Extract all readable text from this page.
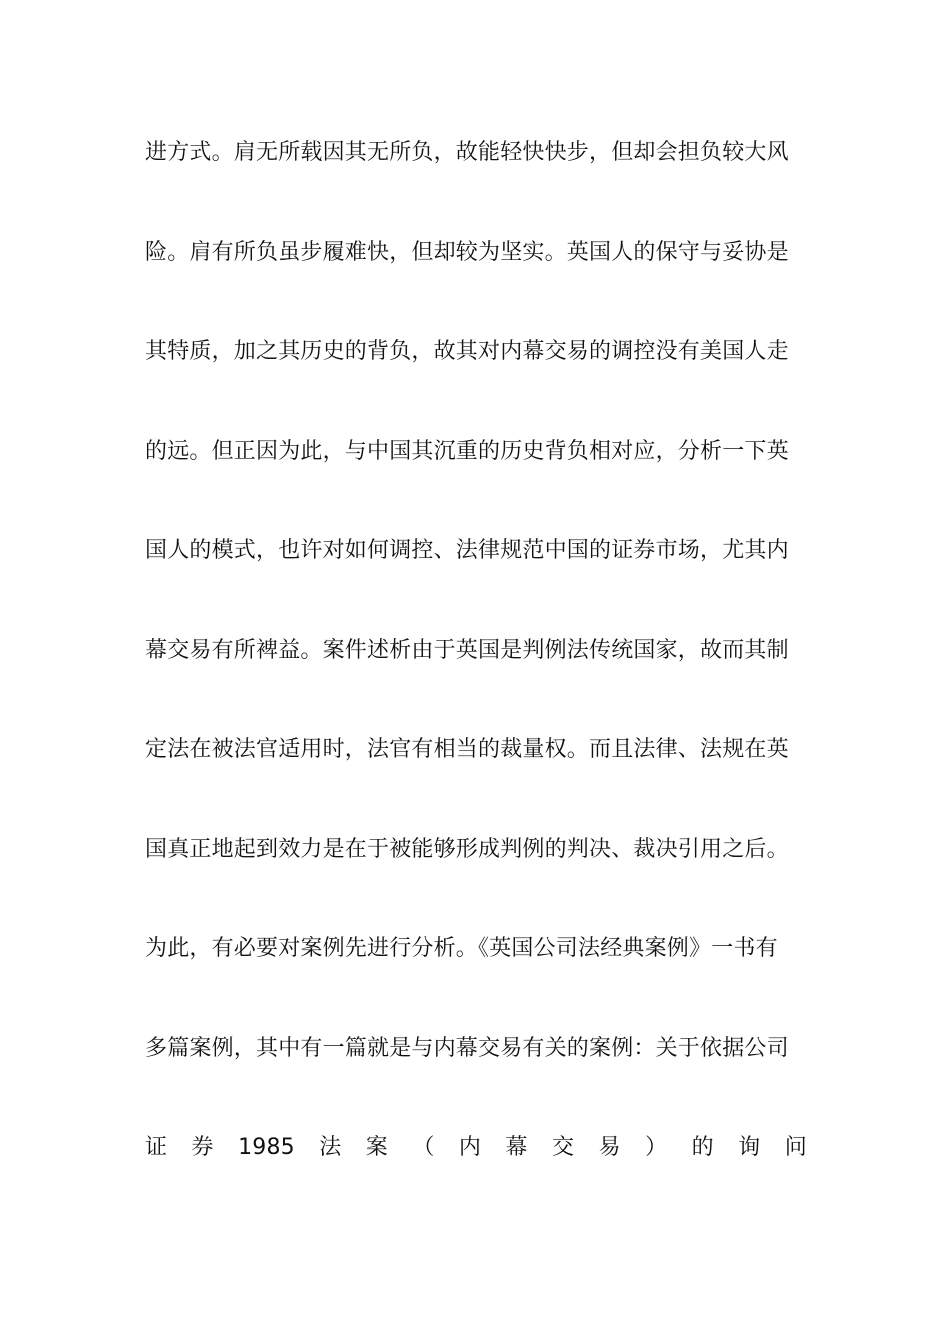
进方式。肩无所载因其无所负，故能轻快快步，但却会担负较大风
险。肩有所负虽步履难快，但却较为坚实。英国人的保守与妥协是
其特质，加之其历史的背负，故其对内幕交易的调控没有美国人走
的远。但正因为此，与中国其沉重的历史背负相对应，分析一下英
国人的模式，也许对如何调控、法律规范中国的证券市场，尤其内
幕交易有所裨益。案件述析由于英国是判例法传统国家，故而其制
定法在被法官适用时，法官有相当的裁量权。而且法律、法规在英
国真正地起到效力是在于被能够形成判例的判决、裁决引用之后。
为此，有必要对案例先进行分析。《英国公司法经典案例》一书有
多篇案例，其中有一篇就是与内幕交易有关的案例：关于依据公司
证 券 1985 法 案 （ 内 幕 交 易 ） 的 询 问
